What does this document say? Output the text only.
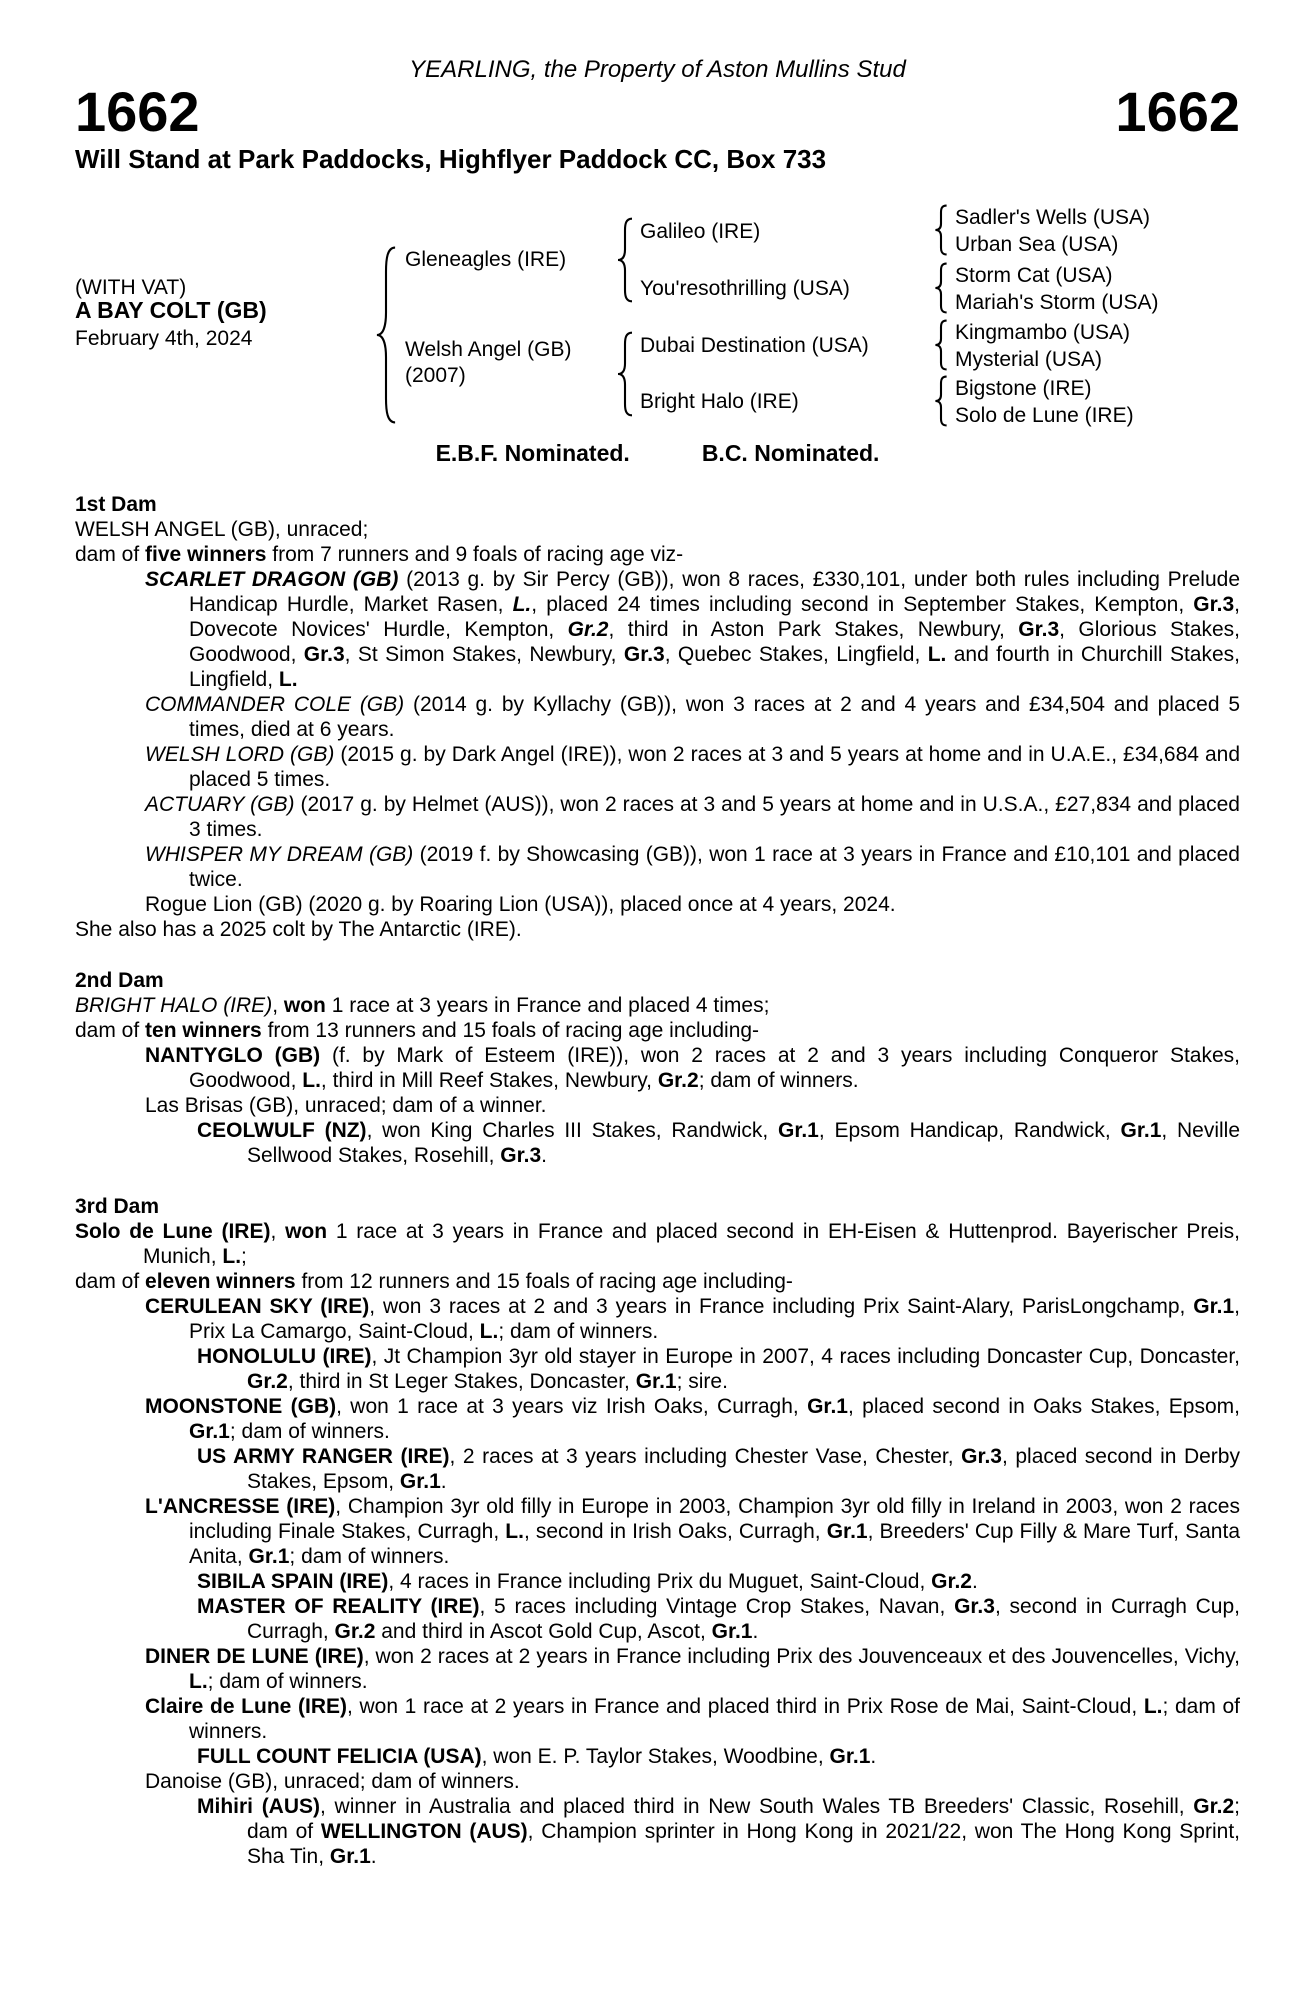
YEARLING, the Property of Aston Mullins Stud
1662	1662
Will Stand at Park Paddocks, Highflyer Paddock CC, Box 733
(WITH VAT)
A BAY COLT (GB)
February 4th, 2024
Gleneagles (IRE)
Welsh Angel (GB)
(2007)
Galileo (IRE)
You'resothrilling (USA)
Dubai Destination (USA)
Bright Halo (IRE)
Sadler's Wells (USA)
Urban Sea (USA)
Storm Cat (USA)
Mariah's Storm (USA)
Kingmambo (USA)
Mysterial (USA)
Bigstone (IRE)
Solo de Lune (IRE)
E.B.F. Nominated.	B.C. Nominated.
1st Dam

WELSH ANGEL (GB), unraced;

dam of five winners from 7 runners and 9 foals of racing age viz-

SCARLET DRAGON (GB) (2013 g. by Sir Percy (GB)), won 8 races, £330,101, under both rules including Prelude Handicap Hurdle, Market Rasen, L., placed 24 times including second in September Stakes, Kempton, Gr.3, Dovecote Novices' Hurdle, Kempton, Gr.2, third in Aston Park Stakes, Newbury, Gr.3, Glorious Stakes, Goodwood, Gr.3, St Simon Stakes, Newbury, Gr.3, Quebec Stakes, Lingfield, L. and fourth in Churchill Stakes, Lingfield, L.

COMMANDER COLE (GB) (2014 g. by Kyllachy (GB)), won 3 races at 2 and 4 years and £34,504 and placed 5 times, died at 6 years.

WELSH LORD (GB) (2015 g. by Dark Angel (IRE)), won 2 races at 3 and 5 years at home and in U.A.E., £34,684 and placed 5 times.

ACTUARY (GB) (2017 g. by Helmet (AUS)), won 2 races at 3 and 5 years at home and in U.S.A., £27,834 and placed 3 times.

WHISPER MY DREAM (GB) (2019 f. by Showcasing (GB)), won 1 race at 3 years in France and £10,101 and placed twice.

Rogue Lion (GB) (2020 g. by Roaring Lion (USA)), placed once at 4 years, 2024.

She also has a 2025 colt by The Antarctic (IRE).

2nd Dam

BRIGHT HALO (IRE), won 1 race at 3 years in France and placed 4 times;

dam of ten winners from 13 runners and 15 foals of racing age including-

NANTYGLO (GB) (f. by Mark of Esteem (IRE)), won 2 races at 2 and 3 years including Conqueror Stakes, Goodwood, L., third in Mill Reef Stakes, Newbury, Gr.2; dam of winners.

Las Brisas (GB), unraced; dam of a winner.

CEOLWULF (NZ), won King Charles III Stakes, Randwick, Gr.1, Epsom Handicap, Randwick, Gr.1, Neville Sellwood Stakes, Rosehill, Gr.3.

3rd Dam

Solo de Lune (IRE), won 1 race at 3 years in France and placed second in EH-Eisen & Huttenprod. Bayerischer Preis, Munich, L.;

dam of eleven winners from 12 runners and 15 foals of racing age including-

CERULEAN SKY (IRE), won 3 races at 2 and 3 years in France including Prix Saint-Alary, ParisLongchamp, Gr.1, Prix La Camargo, Saint-Cloud, L.; dam of winners.

HONOLULU (IRE), Jt Champion 3yr old stayer in Europe in 2007, 4 races including Doncaster Cup, Doncaster, Gr.2, third in St Leger Stakes, Doncaster, Gr.1; sire.

MOONSTONE (GB), won 1 race at 3 years viz Irish Oaks, Curragh, Gr.1, placed second in Oaks Stakes, Epsom, Gr.1; dam of winners.

US ARMY RANGER (IRE), 2 races at 3 years including Chester Vase, Chester, Gr.3, placed second in Derby Stakes, Epsom, Gr.1.

L'ANCRESSE (IRE), Champion 3yr old filly in Europe in 2003, Champion 3yr old filly in Ireland in 2003, won 2 races including Finale Stakes, Curragh, L., second in Irish Oaks, Curragh, Gr.1, Breeders' Cup Filly & Mare Turf, Santa Anita, Gr.1; dam of winners.

SIBILA SPAIN (IRE), 4 races in France including Prix du Muguet, Saint-Cloud, Gr.2.

MASTER OF REALITY (IRE), 5 races including Vintage Crop Stakes, Navan, Gr.3, second in Curragh Cup, Curragh, Gr.2 and third in Ascot Gold Cup, Ascot, Gr.1.

DINER DE LUNE (IRE), won 2 races at 2 years in France including Prix des Jouvenceaux et des Jouvencelles, Vichy, L.; dam of winners.

Claire de Lune (IRE), won 1 race at 2 years in France and placed third in Prix Rose de Mai, Saint-Cloud, L.; dam of winners.

FULL COUNT FELICIA (USA), won E. P. Taylor Stakes, Woodbine, Gr.1.

Danoise (GB), unraced; dam of winners.

Mihiri (AUS), winner in Australia and placed third in New South Wales TB Breeders' Classic, Rosehill, Gr.2; dam of WELLINGTON (AUS), Champion sprinter in Hong Kong in 2021/22, won The Hong Kong Sprint, Sha Tin, Gr.1.
